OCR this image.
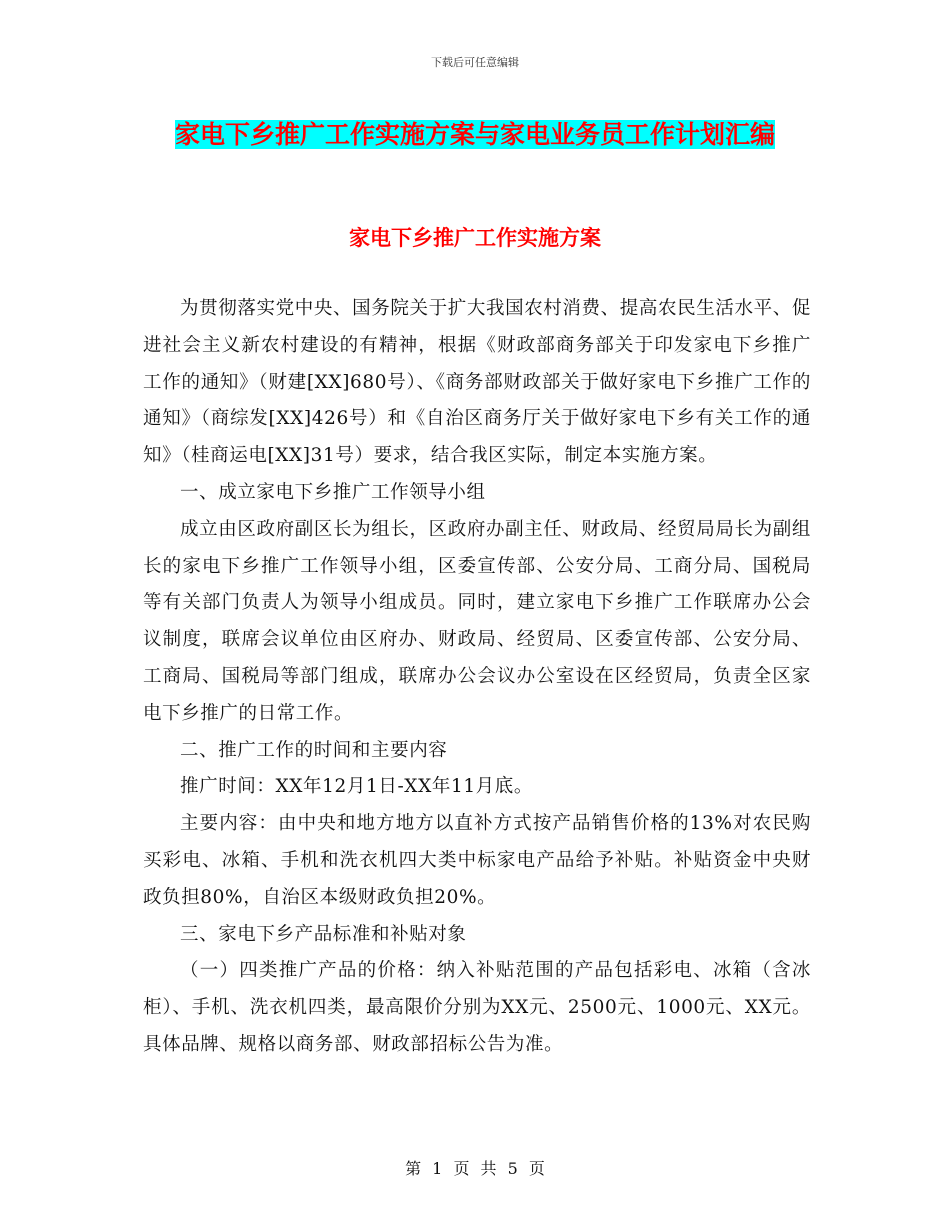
下载后可任意编辑
家电下乡推广工作实施方案与家电业务员工作计划汇编
家电下乡推广工作实施方案

为贯彻落实党中央、国务院关于扩大我国农村消费、提高农民生活水平、促进社会主义新农村建设的有精神，根据《财政部商务部关于印发家电下乡推广工作的通知》（财建[XX]680号）、《商务部财政部关于做好家电下乡推广工作的通知》（商综发[XX]426号）和《自治区商务厅关于做好家电下乡有关工作的通知》（桂商运电[XX]31号）要求，结合我区实际，制定本实施方案。

一、成立家电下乡推广工作领导小组

成立由区政府副区长为组长，区政府办副主任、财政局、经贸局局长为副组长的家电下乡推广工作领导小组，区委宣传部、公安分局、工商分局、国税局等有关部门负责人为领导小组成员。同时，建立家电下乡推广工作联席办公会议制度，联席会议单位由区府办、财政局、经贸局、区委宣传部、公安分局、工商局、国税局等部门组成，联席办公会议办公室设在区经贸局，负责全区家电下乡推广的日常工作。

二、推广工作的时间和主要内容

推广时间：XX年12月1日-XX年11月底。

主要内容：由中央和地方地方以直补方式按产品销售价格的13%对农民购买彩电、冰箱、手机和洗衣机四大类中标家电产品给予补贴。补贴资金中央财政负担80%，自治区本级财政负担20%。

三、家电下乡产品标准和补贴对象

（一）四类推广产品的价格：纳入补贴范围的产品包括彩电、冰箱（含冰柜）、手机、洗衣机四类，最高限价分别为XX元、2500元、1000元、XX元。具体品牌、规格以商务部、财政部招标公告为准。

第 1 页 共 5 页
